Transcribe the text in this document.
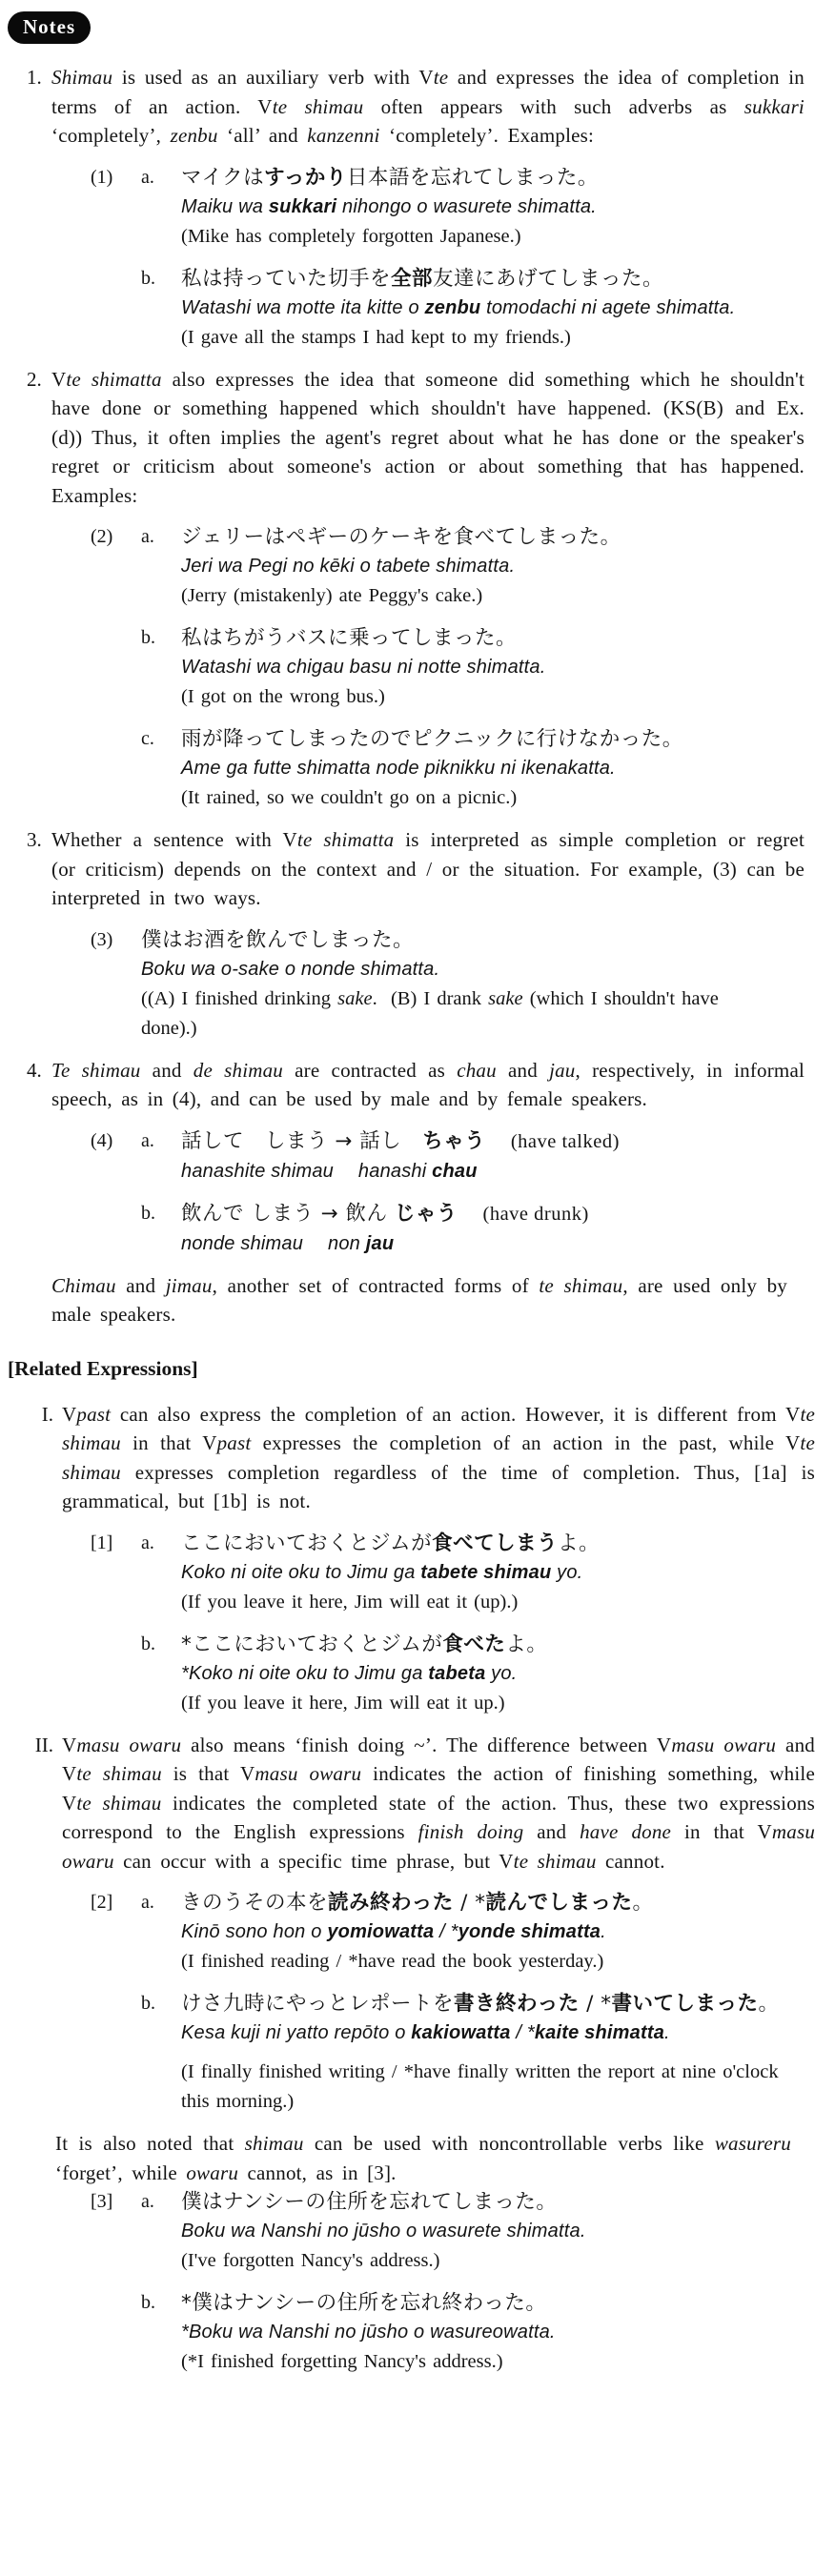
Notes
1. Shimau is used as an auxiliary verb with Vte and expresses the idea of completion in terms of an action. Vte shimau often appears with such adverbs as sukkari ‘completely’, zenbu ‘all’ and kanzenni ‘completely’. Examples:

(1)	a.	マイクはすっかり日本語を忘れてしまった。
Maiku wa sukkari nihongo o wasurete shimatta.
(Mike has completely forgotten Japanese.)
b.	私は持っていた切手を全部友達にあげてしまった。
Watashi wa motte ita kitte o zenbu tomodachi ni agete shimatta.
(I gave all the stamps I had kept to my friends.)
2. Vte shimatta also expresses the idea that someone did something which he shouldn't have done or something happened which shouldn't have happened. (KS(B) and Ex. (d)) Thus, it often implies the agent's regret about what he has done or the speaker's regret or criticism about someone's action or about something that has happened. Examples:

(2)	a.	ジェリーはペギーのケーキを食べてしまった。
Jeri wa Pegi no kēki o tabete shimatta.
(Jerry (mistakenly) ate Peggy's cake.)
b.	私はちがうバスに乗ってしまった。
Watashi wa chigau basu ni notte shimatta.
(I got on the wrong bus.)
c.	雨が降ってしまったのでピクニックに行けなかった。
Ame ga futte shimatta node piknikku ni ikenakatta.
(It rained, so we couldn't go on a picnic.)
3. Whether a sentence with Vte shimatta is interpreted as simple completion or regret (or criticism) depends on the context and / or the situation. For example, (3) can be interpreted in two ways.

(3)	僕はお酒を飲んでしまった。
Boku wa o-sake o nonde shimatta.
((A) I finished drinking sake.  (B) I drank sake (which I shouldn't have done).)
4. Te shimau and de shimau are contracted as chau and jau, respectively, in informal speech, as in (4), and can be used by male and by female speakers.

(4)	a.	話して　しまう → 話し　ちゃう　 (have talked)
hanashite shimau　 hanashi chau
b.	飲んで しまう → 飲ん じゃう　 (have drunk)
nonde shimau　 non jau

Chimau and jimau, another set of contracted forms of te shimau, are used only by male speakers.

[Related Expressions]
I. Vpast can also express the completion of an action. However, it is different from Vte shimau in that Vpast expresses the completion of an action in the past, while Vte shimau expresses completion regardless of the time of completion. Thus, [1a] is grammatical, but [1b] is not.

[1]	a.	ここにおいておくとジムが食べてしまうよ。
Koko ni oite oku to Jimu ga tabete shimau yo.
(If you leave it here, Jim will eat it (up).)
b.	*ここにおいておくとジムが食べたよ。
*Koko ni oite oku to Jimu ga tabeta yo.
(If you leave it here, Jim will eat it up.)
II. Vmasu owaru also means ‘finish doing ~’. The difference between Vmasu owaru and Vte shimau is that Vmasu owaru indicates the action of finishing something, while Vte shimau indicates the completed state of the action. Thus, these two expressions correspond to the English expressions finish doing and have done in that Vmasu owaru can occur with a specific time phrase, but Vte shimau cannot.

[2]	a.	きのうその本を読み終わった / *読んでしまった。
Kinō sono hon o yomiowatta / *yonde shimatta.
(I finished reading / *have read the book yesterday.)
b.	けさ九時にやっとレポートを書き終わった / *書いてしまった。
Kesa kuji ni yatto repōto o kakiowatta / *kaite shimatta.
(I finally finished writing / *have finally written the report at nine o'clock this morning.)

It is also noted that shimau can be used with noncontrollable verbs like wasureru ‘forget’, while owaru cannot, as in [3].

[3]	a.	僕はナンシーの住所を忘れてしまった。
Boku wa Nanshi no jūsho o wasurete shimatta.
(I've forgotten Nancy's address.)
b.	*僕はナンシーの住所を忘れ終わった。
*Boku wa Nanshi no jūsho o wasureowatta.
(*I finished forgetting Nancy's address.)
